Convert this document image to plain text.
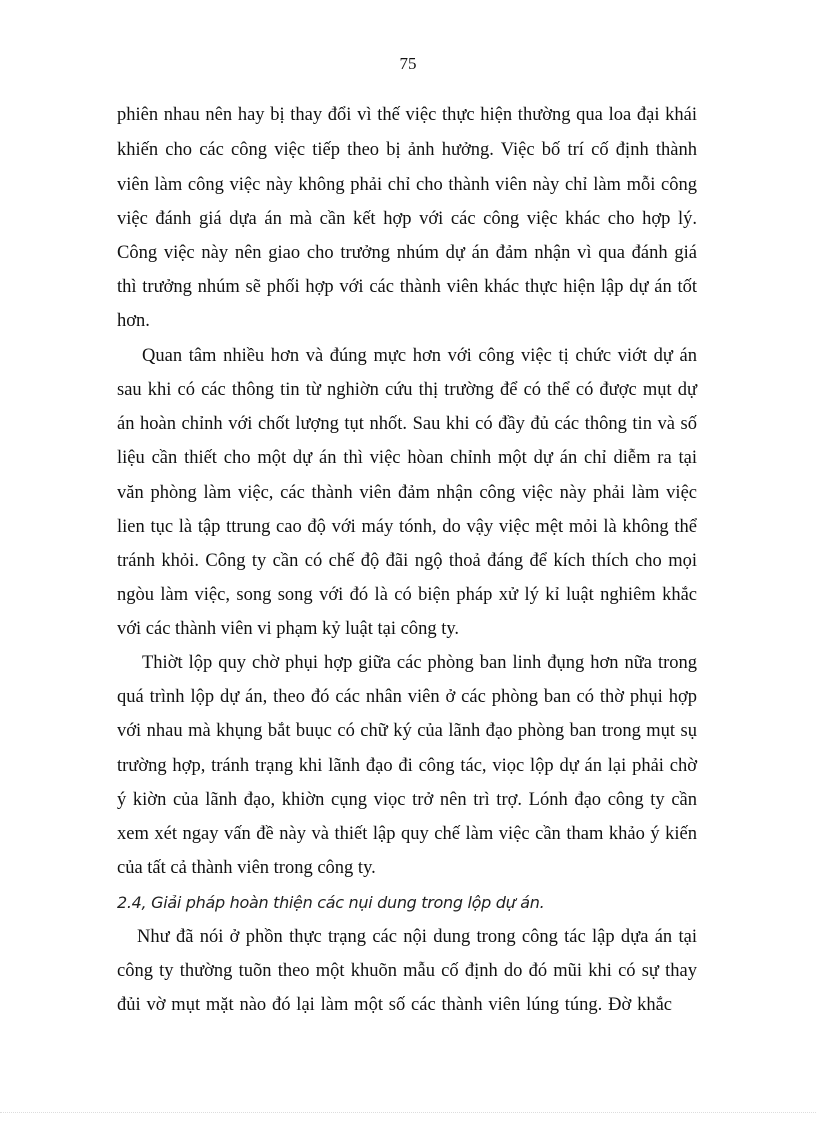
75
phiên nhau nên hay bị thay đổi vì thế việc thực hiện thường qua loa đại khái
khiến cho các công việc tiếp theo bị ảnh hưởng. Việc bố trí cố định thành
viên làm công việc này không phải chỉ cho thành viên này chỉ làm mỗi công
việc đánh giá dựa án mà cần kết hợp với các công việc khác cho hợp lý.
Công việc này nên giao cho trưởng nhúm dự án đảm nhận vì qua đánh giá
thì trưởng nhúm sẽ phối hợp với các thành viên khác thực hiện lập dự án tốt
hơn.
Quan tâm nhiều hơn và đúng mực hơn với công việc tị chức viớt dự án
sau khi có các thông tin từ nghiờn cứu thị trường để có thể có được mụt dự
án hoàn chỉnh với chốt lượng tụt nhốt. Sau khi có đầy đủ các thông tin và số
liệu cần thiết cho một dự án thì việc hòan chỉnh một dự án chỉ diễm ra tại
văn phòng làm việc, các thành viên đảm nhận công việc này phải làm việc
lien tục là tập ttrung cao độ với máy tónh, do vậy việc mệt mỏi là không thể
tránh khỏi. Công ty cần có chế độ đãi ngộ thoả đáng để kích thích cho mọi
ngòu làm việc, song song với đó là có biện pháp xử lý kỉ luật nghiêm khắc
với các thành viên vi phạm kỷ luật tại công ty.
Thiờt lộp quy chờ phụi hợp giữa các phòng ban linh đụng hơn nữa trong
quá trình lộp dự án, theo đó các nhân viên ở các phòng ban có thờ phụi hợp
với nhau mà khụng bắt buục có chữ ký của lãnh đạo phòng ban trong mụt sụ
trường hợp, tránh trạng khi lãnh đạo đi công tác, viọc lộp dự án lại phải chờ
ý kiờn của lãnh đạo, khiờn cụng viọc trở nên trì trợ. Lónh đạo công ty cần
xem xét ngay vấn đề này và thiết lập quy chế làm việc cần tham khảo ý kiến
của tất cả thành viên trong công ty.
2.4, Giải pháp hoàn thiện các nụi dung trong lộp dự án.
Như đã nói ở phồn thực trạng các nội dung trong công tác lập dựa án tại
công ty thường tuõn theo một khuõn mẫu cố định do đó mũi khi có sự thay
đủi vờ mụt mặt nào đó lại làm một số các thành viên lúng túng. Đờ khắc
